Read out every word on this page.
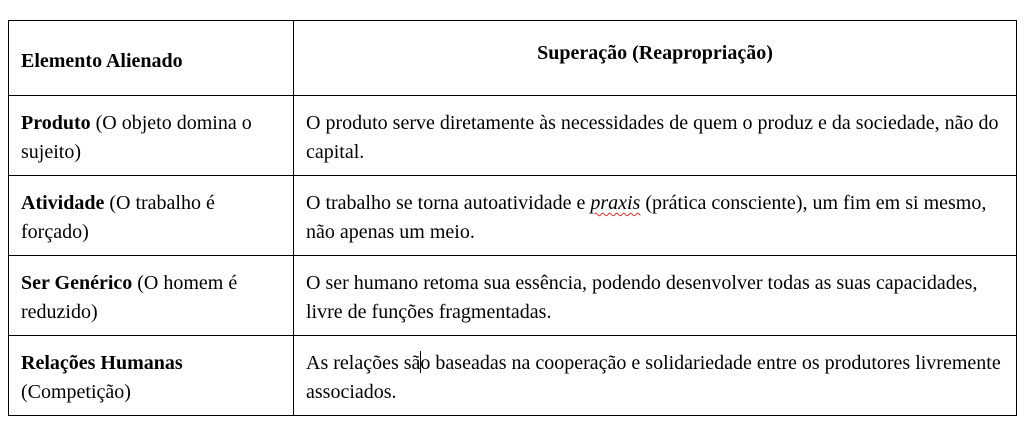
Elemento Alienado	Superação (Reapropriação)
Produto (O objeto domina o sujeito)	O produto serve diretamente às necessidades de quem o produz e da sociedade, não do capital.
Atividade (O trabalho é forçado)	O trabalho se torna autoatividade e praxis (prática consciente), um fim em si mesmo, não apenas um meio.
Ser Genérico (O homem é reduzido)	O ser humano retoma sua essência, podendo desenvolver todas as suas capacidades, livre de funções fragmentadas.
Relações Humanas (Competição)	As relações são baseadas na cooperação e solidariedade entre os produtores livremente associados.
